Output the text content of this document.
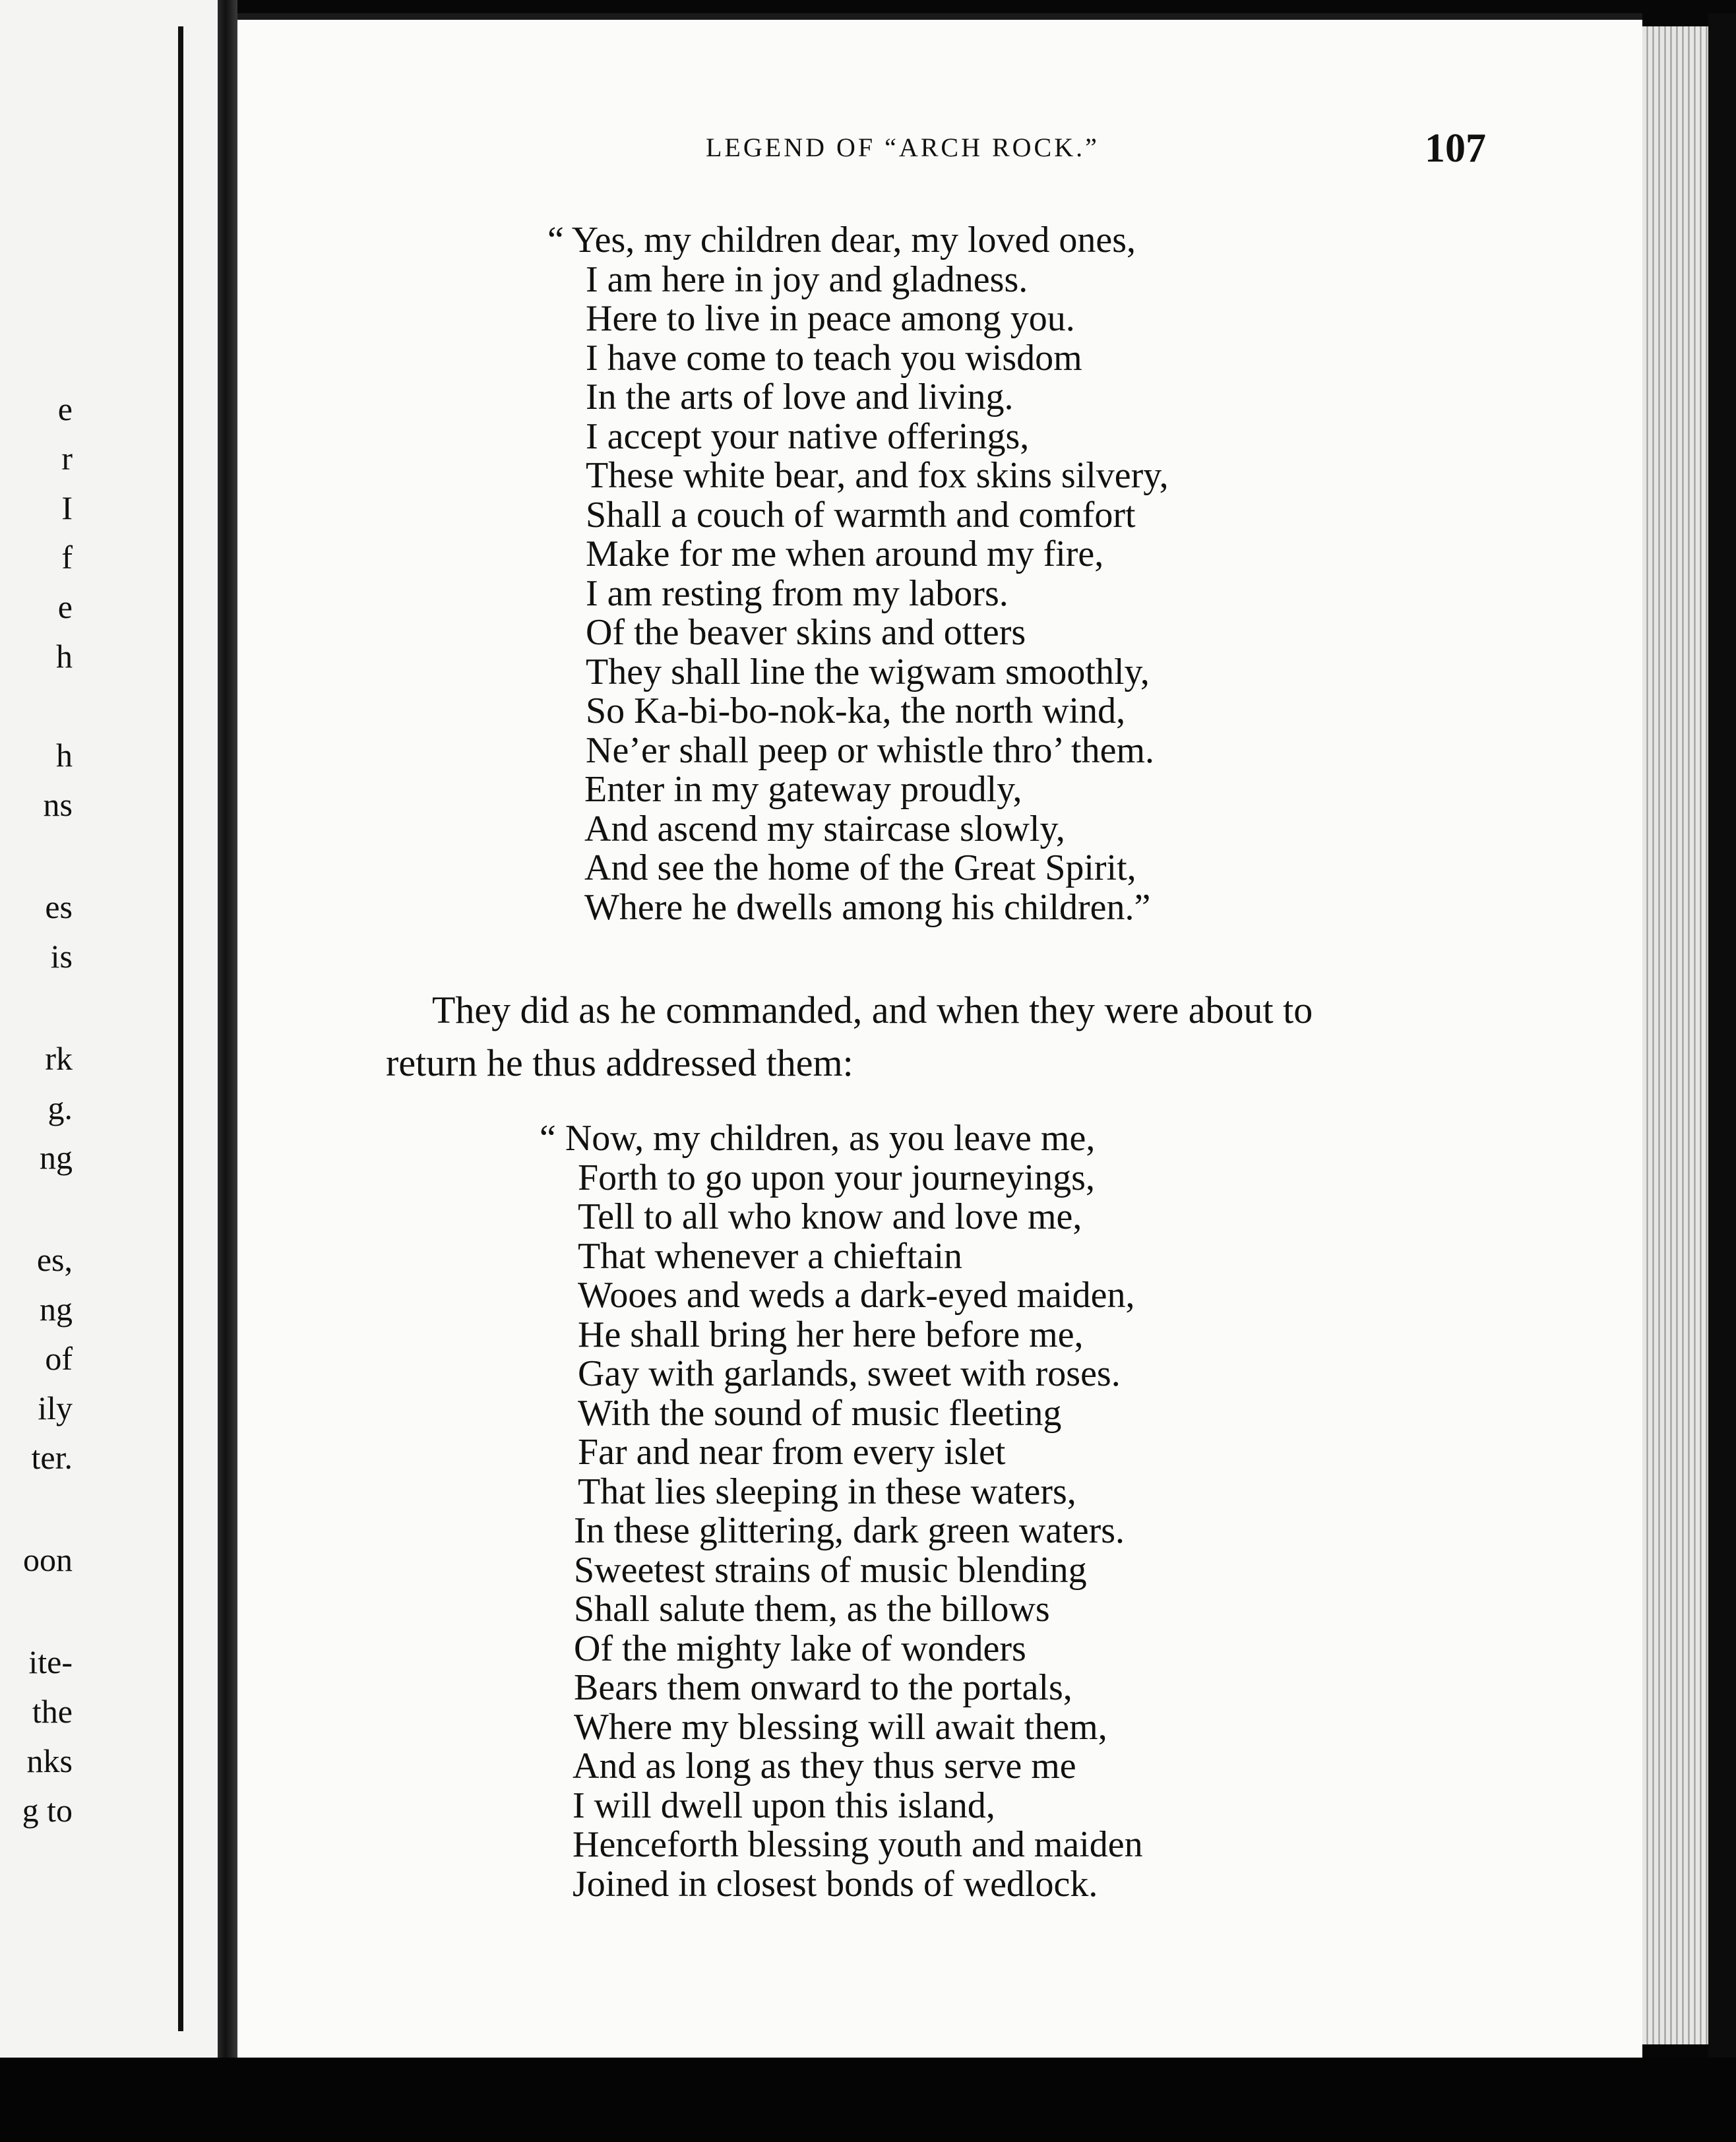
e
r
I
f
e
h
h
ns
es
is
rk
g.
ng
es,
ng
of
ily
ter.
oon
ite-
the
nks
g to
LEGEND OF “ARCH ROCK.”	107
“ Yes, my children dear, my loved ones,
I am here in joy and gladness.
Here to live in peace among you.
I have come to teach you wisdom
In the arts of love and living.
I accept your native offerings,
These white bear, and fox skins silvery,
Shall a couch of warmth and comfort
Make for me when around my fire,
I am resting from my labors.
Of the beaver skins and otters
They shall line the wigwam smoothly,
So Ka-bi-bo-nok-ka, the north wind,
Ne’er shall peep or whistle thro’ them.
Enter in my gateway proudly,
And ascend my staircase slowly,
And see the home of the Great Spirit,
Where he dwells among his children.”
They did as he commanded, and when they were about to
return he thus addressed them:
“ Now, my children, as you leave me,
Forth to go upon your journeyings,
Tell to all who know and love me,
That whenever a chieftain
Wooes and weds a dark-eyed maiden,
He shall bring her here before me,
Gay with garlands, sweet with roses.
With the sound of music fleeting
Far and near from every islet
That lies sleeping in these waters,
In these glittering, dark green waters.
Sweetest strains of music blending
Shall salute them, as the billows
Of the mighty lake of wonders
Bears them onward to the portals,
Where my blessing will await them,
And as long as they thus serve me
I will dwell upon this island,
Henceforth blessing youth and maiden
Joined in closest bonds of wedlock.
